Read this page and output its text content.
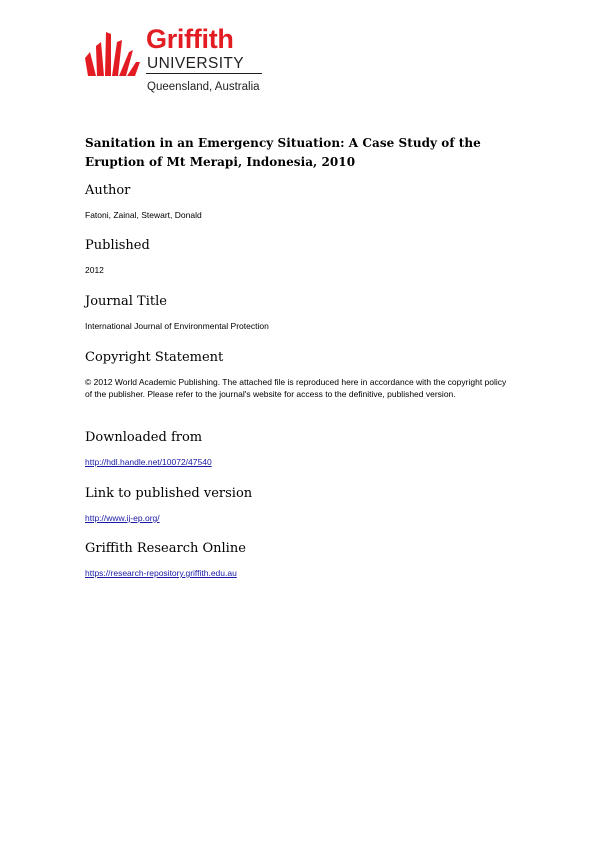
Griffith
UNIVERSITY
Queensland, Australia
Sanitation in an Emergency Situation: A Case Study of the Eruption of Mt Merapi, Indonesia, 2010
Author

Fatoni, Zainal, Stewart, Donald

Published

2012

Journal Title

International Journal of Environmental Protection

Copyright Statement

© 2012 World Academic Publishing. The attached file is reproduced here in accordance with the copyright policy of the publisher. Please refer to the journal's website for access to the definitive, published version.

Downloaded from
http://hdl.handle.net/10072/47540
Link to published version
http://www.ij-ep.org/
Griffith Research Online
https://research-repository.griffith.edu.au
